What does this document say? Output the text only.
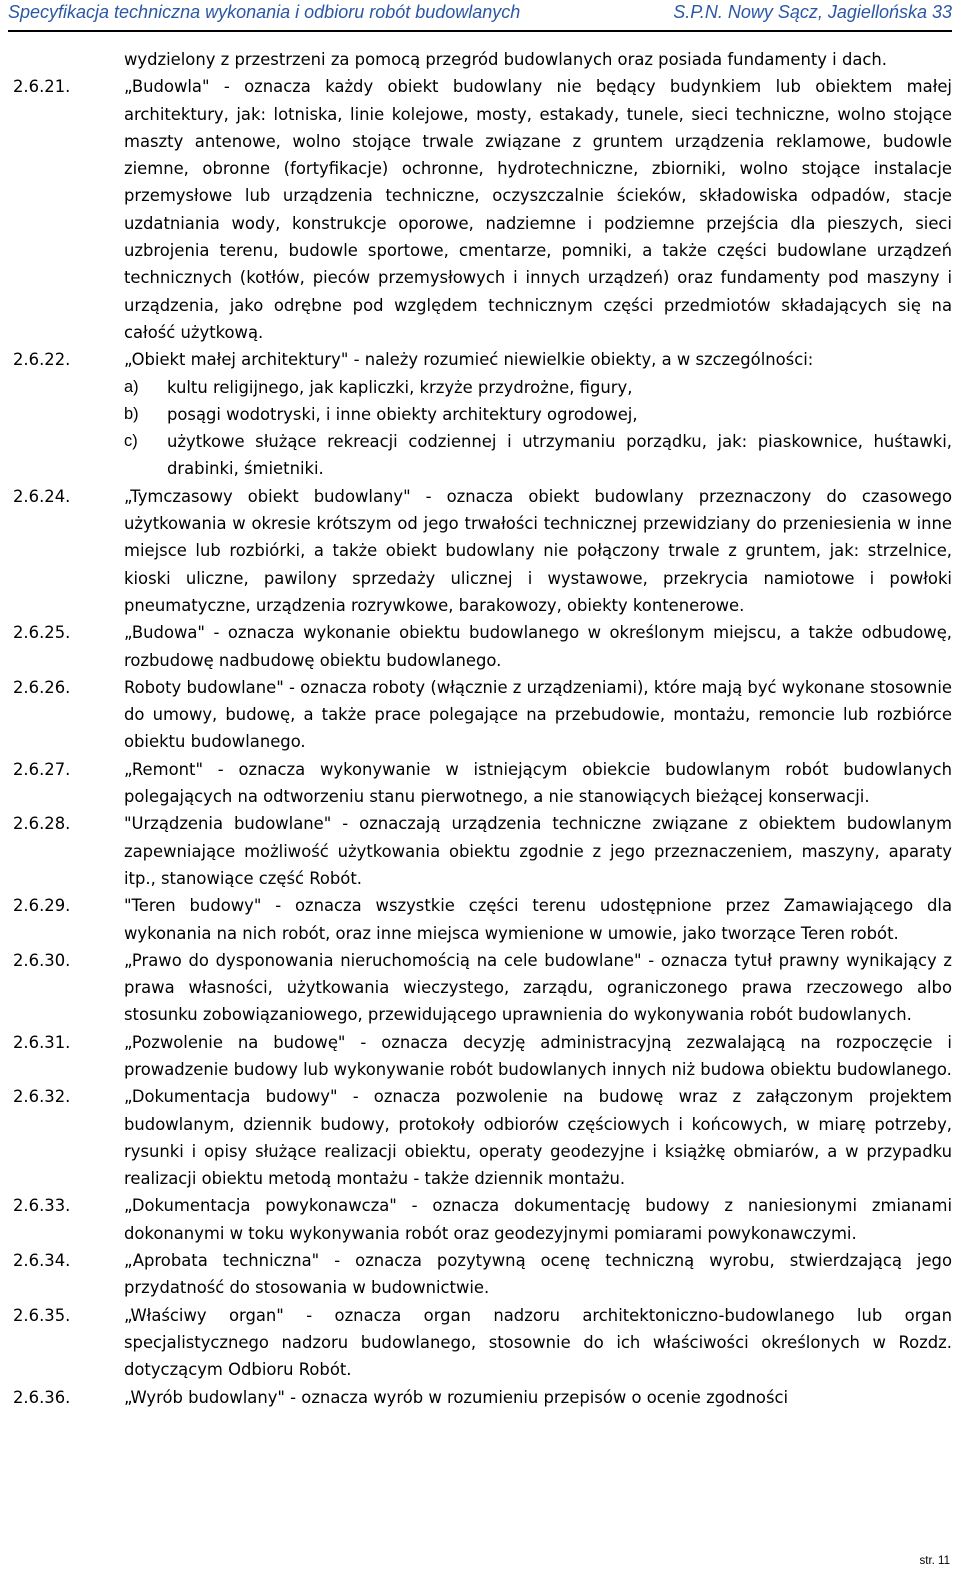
Specyfikacja techniczna wykonania i odbioru robót budowlanych	S.P.N. Nowy Sącz, Jagiellońska 33
wydzielony z przestrzeni za pomocą przegród budowlanych oraz posiada fundamenty i dach.
2.6.21.	„Budowla" - oznacza każdy obiekt budowlany nie będący budynkiem lub obiektem małej architektury, jak: lotniska, linie kolejowe, mosty, estakady, tunele, sieci techniczne, wolno stojące maszty antenowe, wolno stojące trwale związane z gruntem urządzenia reklamowe, budowle ziemne, obronne (fortyfikacje) ochronne, hydrotechniczne, zbiorniki, wolno stojące instalacje przemysłowe lub urządzenia techniczne, oczyszczalnie ścieków, składowiska odpadów, stacje uzdatniania wody, konstrukcje oporowe, nadziemne i podziemne przejścia dla pieszych, sieci uzbrojenia terenu, budowle sportowe, cmentarze, pomniki, a także części budowlane urządzeń technicznych (kotłów, pieców przemysłowych i innych urządzeń) oraz fundamenty pod maszyny i urządzenia, jako odrębne pod względem technicznym części przedmiotów składających się na całość użytkową.
2.6.22.	„Obiekt małej architektury" - należy rozumieć niewielkie obiekty, a w szczególności:
a)	kultu religijnego, jak kapliczki, krzyże przydrożne, figury,
b)	posągi wodotryski, i inne obiekty architektury ogrodowej,
c)	użytkowe służące rekreacji codziennej i utrzymaniu porządku, jak: piaskownice, huśtawki, drabinki, śmietniki.
2.6.24.	„Tymczasowy obiekt budowlany" - oznacza obiekt budowlany przeznaczony do czasowego użytkowania w okresie krótszym od jego trwałości technicznej przewidziany do przeniesienia w inne miejsce lub rozbiórki, a także obiekt budowlany nie połączony trwale z gruntem, jak: strzelnice, kioski uliczne, pawilony sprzedaży ulicznej i wystawowe, przekrycia namiotowe i powłoki pneumatyczne, urządzenia rozrywkowe, barakowozy, obiekty kontenerowe.
2.6.25.	„Budowa" - oznacza wykonanie obiektu budowlanego w określonym miejscu, a także odbudowę, rozbudowę nadbudowę obiektu budowlanego.
2.6.26.	Roboty budowlane" - oznacza roboty (włącznie z urządzeniami), które mają być wykonane stosownie do umowy, budowę, a także prace polegające na przebudowie, montażu, remoncie lub rozbiórce obiektu budowlanego.
2.6.27.	„Remont" - oznacza wykonywanie w istniejącym obiekcie budowlanym robót budowlanych polegających na odtworzeniu stanu pierwotnego, a nie stanowiących bieżącej konserwacji.
2.6.28.	"Urządzenia budowlane" - oznaczają urządzenia techniczne związane z obiektem budowlanym zapewniające możliwość użytkowania obiektu zgodnie z jego przeznaczeniem, maszyny, aparaty itp., stanowiące część Robót.
2.6.29.	"Teren budowy" - oznacza wszystkie części terenu udostępnione przez Zamawiającego dla wykonania na nich robót, oraz inne miejsca wymienione w umowie, jako tworzące Teren robót.
2.6.30.	„Prawo do dysponowania nieruchomością na cele budowlane" - oznacza tytuł prawny wynikający z prawa własności, użytkowania wieczystego, zarządu, ograniczonego prawa rzeczowego albo stosunku zobowiązaniowego, przewidującego uprawnienia do wykonywania robót budowlanych.
2.6.31.	„Pozwolenie na budowę" - oznacza decyzję administracyjną zezwalającą na rozpoczęcie i prowadzenie budowy lub wykonywanie robót budowlanych innych niż budowa obiektu budowlanego.
2.6.32.	„Dokumentacja budowy" - oznacza pozwolenie na budowę wraz z załączonym projektem budowlanym, dziennik budowy, protokoły odbiorów częściowych i końcowych, w miarę potrzeby, rysunki i opisy służące realizacji obiektu, operaty geodezyjne i książkę obmiarów, a w przypadku realizacji obiektu metodą montażu - także dziennik montażu.
2.6.33.	„Dokumentacja powykonawcza" - oznacza dokumentację budowy z naniesionymi zmianami dokonanymi w toku wykonywania robót oraz geodezyjnymi pomiarami powykonawczymi.
2.6.34.	„Aprobata techniczna" - oznacza pozytywną ocenę techniczną wyrobu, stwierdzającą jego przydatność do stosowania w budownictwie.
2.6.35.	„Właściwy organ" - oznacza organ nadzoru architektoniczno-budowlanego lub organ specjalistycznego nadzoru budowlanego, stosownie do ich właściwości określonych w Rozdz. dotyczącym Odbioru Robót.
2.6.36.	„Wyrób budowlany" - oznacza wyrób w rozumieniu przepisów o ocenie zgodności
str. 11
